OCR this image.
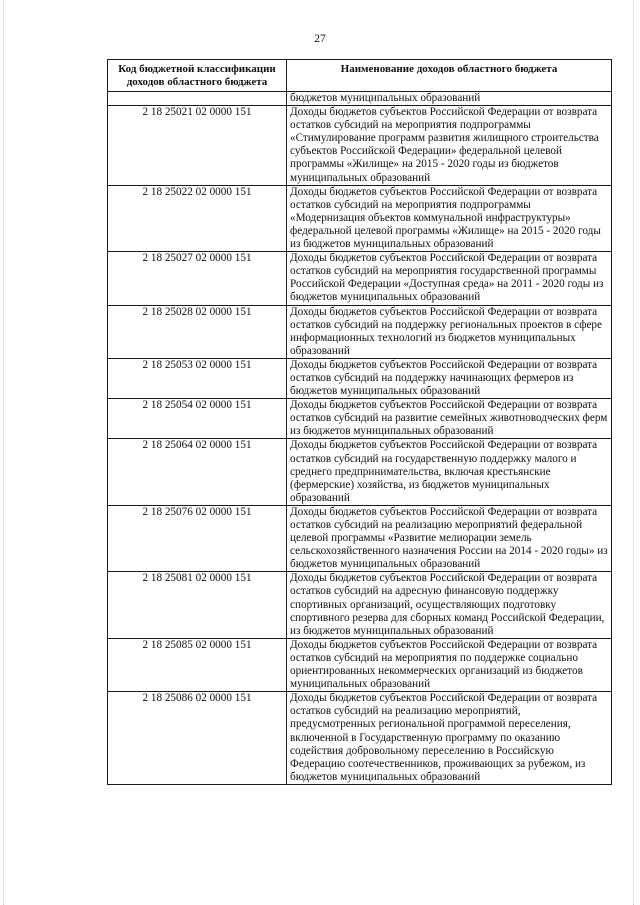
27
Код бюджетной классификации доходов областного бюджета	Наименование доходов областного бюджета
	бюджетов муниципальных образований
2 18 25021 02 0000 151	Доходы бюджетов субъектов Российской Федерации от возврата остатков субсидий на мероприятия подпрограммы «Стимулирование программ развития жилищного строительства субъектов Российской Федерации» федеральной целевой программы «Жилище» на 2015 - 2020 годы из бюджетов муниципальных образований
2 18 25022 02 0000 151	Доходы бюджетов субъектов Российской Федерации от возврата остатков субсидий на мероприятия подпрограммы «Модернизация объектов коммунальной инфраструктуры» федеральной целевой программы «Жилище» на 2015 - 2020 годы из бюджетов муниципальных образований
2 18 25027 02 0000 151	Доходы бюджетов субъектов Российской Федерации от возврата остатков субсидий на мероприятия государственной программы Российской Федерации «Доступная среда» на 2011 - 2020 годы из бюджетов муниципальных образований
2 18 25028 02 0000 151	Доходы бюджетов субъектов Российской Федерации от возврата остатков субсидий на поддержку региональных проектов в сфере информационных технологий из бюджетов муниципальных образований
2 18 25053 02 0000 151	Доходы бюджетов субъектов Российской Федерации от возврата остатков субсидий на поддержку начинающих фермеров из бюджетов муниципальных образований
2 18 25054 02 0000 151	Доходы бюджетов субъектов Российской Федерации от возврата остатков субсидий на развитие семейных животноводческих ферм из бюджетов муниципальных образований
2 18 25064 02 0000 151	Доходы бюджетов субъектов Российской Федерации от возврата остатков субсидий на государственную поддержку малого и среднего предпринимательства, включая крестьянские (фермерские) хозяйства, из бюджетов муниципальных образований
2 18 25076 02 0000 151	Доходы бюджетов субъектов Российской Федерации от возврата остатков субсидий на реализацию мероприятий федеральной целевой программы «Развитие мелиорации земель сельскохозяйственного назначения России на 2014 - 2020 годы» из бюджетов муниципальных образований
2 18 25081 02 0000 151	Доходы бюджетов субъектов Российской Федерации от возврата остатков субсидий на адресную финансовую поддержку спортивных организаций, осуществляющих подготовку спортивного резерва для сборных команд Российской Федерации, из бюджетов муниципальных образований
2 18 25085 02 0000 151	Доходы бюджетов субъектов Российской Федерации от возврата остатков субсидий на мероприятия по поддержке социально ориентированных некоммерческих организаций из бюджетов муниципальных образований
2 18 25086 02 0000 151	Доходы бюджетов субъектов Российской Федерации от возврата остатков субсидий на реализацию мероприятий, предусмотренных региональной программой переселения, включенной в Государственную программу по оказанию содействия добровольному переселению в Российскую Федерацию соотечественников, проживающих за рубежом, из бюджетов муниципальных образований
